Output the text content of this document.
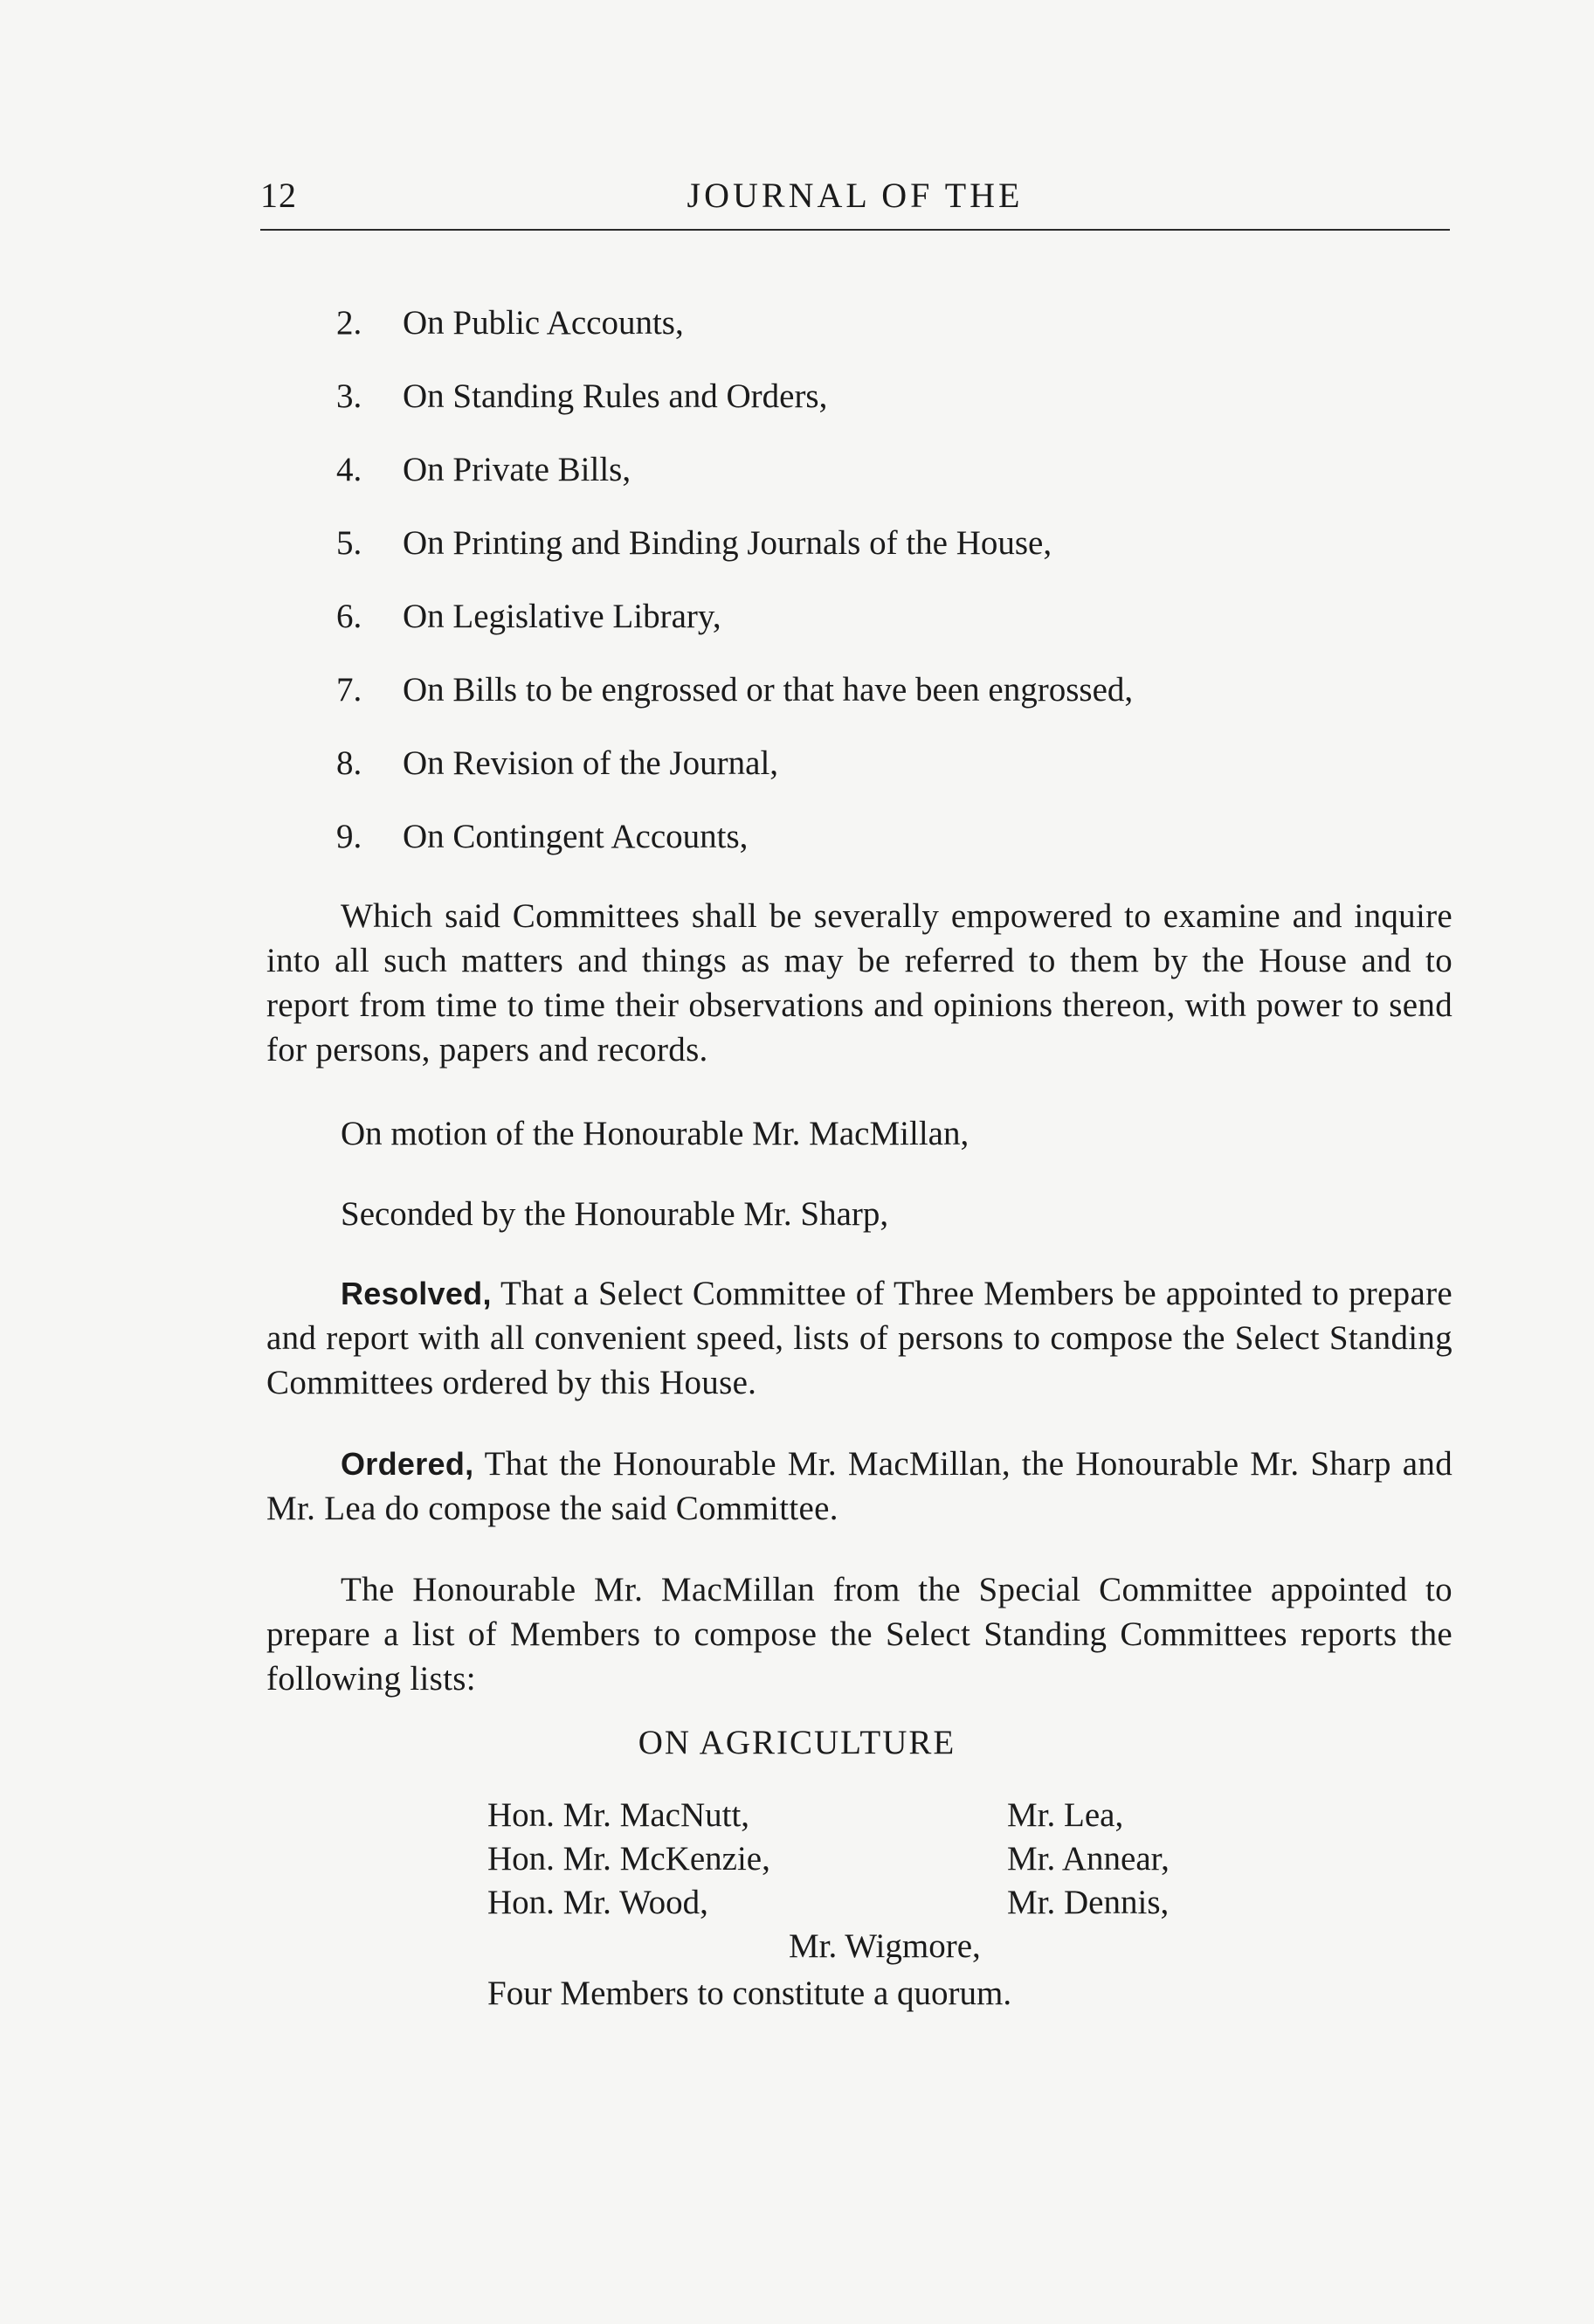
12	JOURNAL OF THE
2. On Public Accounts,
3. On Standing Rules and Orders,
4. On Private Bills,
5. On Printing and Binding Journals of the House,
6. On Legislative Library,
7. On Bills to be engrossed or that have been engrossed,
8. On Revision of the Journal,
9. On Contingent Accounts,

Which said Committees shall be severally empowered to examine and inquire into all such matters and things as may be referred to them by the House and to report from time to time their observations and opinions thereon, with power to send for persons, papers and records.

On motion of the Honourable Mr. MacMillan,

Seconded by the Honourable Mr. Sharp,

Resolved, That a Select Committee of Three Members be appointed to prepare and report with all convenient speed, lists of persons to compose the Select Standing Committees ordered by this House.

Ordered, That the Honourable Mr. MacMillan, the Honourable Mr. Sharp and Mr. Lea do compose the said Committee.

The Honourable Mr. MacMillan from the Special Committee appointed to prepare a list of Members to compose the Select Standing Committees reports the following lists:

ON AGRICULTURE
Hon. Mr. MacNutt,	Mr. Lea,
Hon. Mr. McKenzie,	Mr. Annear,
Hon. Mr. Wood,	Mr. Dennis,
Mr. Wigmore,
Four Members to constitute a quorum.
